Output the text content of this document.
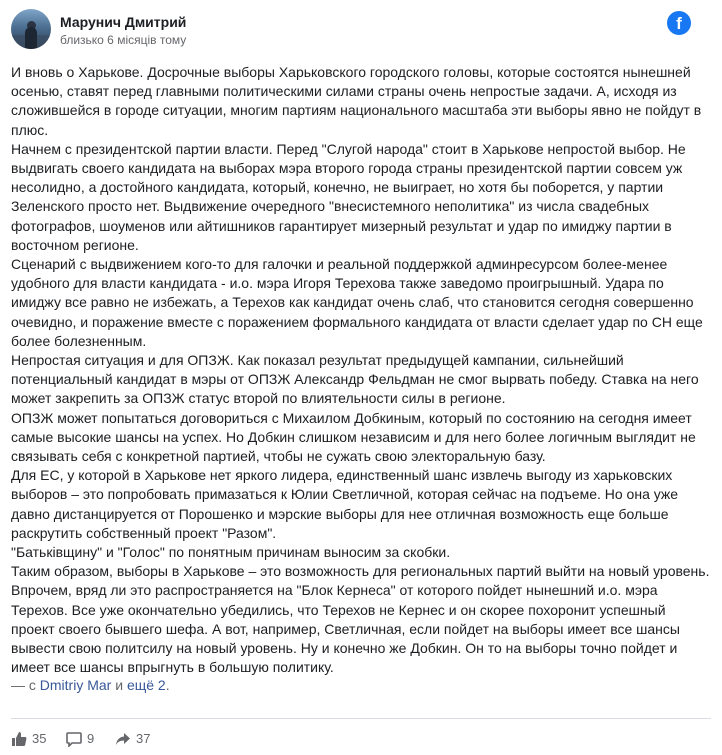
Марунич Дмитрий
близько 6 місяців тому
f

И вновь о Харькове. Досрочные выборы Харьковского городского головы, которые состоятся нынешней осенью, ставят перед главными политическими силами страны очень непростые задачи. А, исходя из сложившейся в городе ситуации, многим партиям национального масштаба эти выборы явно не пойдут в плюс.

Начнем с президентской партии власти. Перед "Слугой народа" стоит в Харькове непростой выбор. Не выдвигать своего кандидата на выборах мэра второго города страны президентской партии совсем уж несолидно, а достойного кандидата, который, конечно, не выиграет, но хотя бы поборется, у партии Зеленского просто нет. Выдвижение очередного "внесистемного неполитика" из числа свадебных фотографов, шоуменов или айтишников гарантирует мизерный результат и удар по имиджу партии в восточном регионе.

Сценарий с выдвижением кого-то для галочки и реальной поддержкой админресурсом более-менее удобного для власти кандидата - и.о. мэра Игоря Терехова также заведомо проигрышный. Удара по имиджу все равно не избежать, а Терехов как кандидат очень слаб, что становится сегодня совершенно очевидно, и поражение вместе с поражением формального кандидата от власти сделает удар по СН еще более болезненным.

Непростая ситуация и для ОПЗЖ. Как показал результат предыдущей кампании, сильнейший потенциальный кандидат в мэры от ОПЗЖ Александр Фельдман не смог вырвать победу. Ставка на него может закрепить за ОПЗЖ статус второй по влиятельности силы в регионе.

ОПЗЖ может попытаться договориться с Михаилом Добкиным, который по состоянию на сегодня имеет самые высокие шансы на успех. Но Добкин слишком независим и для него более логичным выглядит не связывать себя с конкретной партией, чтобы не сужать свою электоральную базу.

Для ЕС, у которой в Харькове нет яркого лидера, единственный шанс извлечь выгоду из харьковских выборов – это попробовать примазаться к Юлии Светличной, которая сейчас на подъеме. Но она уже давно дистанцируется от Порошенко и мэрские выборы для нее отличная возможность еще больше раскрутить собственный проект "Разом".

"Батьківщину" и "Голос" по понятным причинам выносим за скобки.

Таким образом, выборы в Харькове – это возможность для региональных партий выйти на новый уровень. Впрочем, вряд ли это распространяется на "Блок Кернеса" от которого пойдет нынешний и.о. мэра Терехов. Все уже окончательно убедились, что Терехов не Кернес и он скорее похоронит успешный проект своего бывшего шефа. А вот, например, Светличная, если пойдет на выборы имеет все шансы вывести свою политсилу на новый уровень. Ну и конечно же Добкин. Он то на выборы точно пойдет и имеет все шансы впрыгнуть в большую политику.

— с Dmitriy Mar и ещё 2.
35	9	37
